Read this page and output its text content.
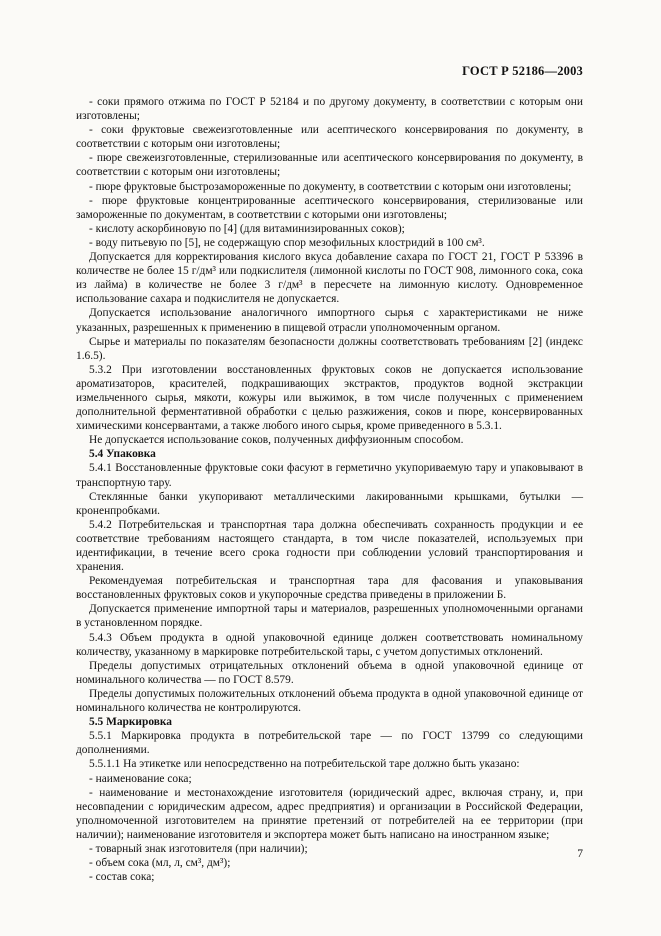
ГОСТ Р 52186—2003

- соки прямого отжима по ГОСТ Р 52184 и по другому документу, в соответствии с которым они изготовлены;

- соки фруктовые свежеизготовленные или асептического консервирования по документу, в соответствии с которым они изготовлены;

- пюре свежеизготовленные, стерилизованные или асептического консервирования по документу, в соответствии с которым они изготовлены;

- пюре фруктовые быстрозамороженные по документу, в соответствии с которым они изготовлены;

- пюре фруктовые концентрированные асептического консервирования, стерилизованые или замороженные по документам, в соответствии с которыми они изготовлены;

- кислоту аскорбиновую по [4] (для витаминизированных соков);

- воду питьевую по [5], не содержащую спор мезофильных клостридий в 100 см³.

Допускается для корректирования кислого вкуса добавление сахара по ГОСТ 21, ГОСТ Р 53396 в количестве не более 15 г/дм³ или подкислителя (лимонной кислоты по ГОСТ 908, лимонного сока, сока из лайма) в количестве не более 3 г/дм³ в пересчете на лимонную кислоту. Одновременное использование сахара и подкислителя не допускается.

Допускается использование аналогичного импортного сырья с характеристиками не ниже указанных, разрешенных к применению в пищевой отрасли уполномоченным органом.

Сырье и материалы по показателям безопасности должны соответствовать требованиям [2] (индекс 1.6.5).

5.3.2 При изготовлении восстановленных фруктовых соков не допускается использование ароматизаторов, красителей, подкрашивающих экстрактов, продуктов водной экстракции измельченного сырья, мякоти, кожуры или выжимок, в том числе полученных с применением дополнительной ферментативной обработки с целью разжижения, соков и пюре, консервированных химическими консервантами, а также любого иного сырья, кроме приведенного в 5.3.1.

Не допускается использование соков, полученных диффузионным способом.

5.4 Упаковка

5.4.1 Восстановленные фруктовые соки фасуют в герметично укупориваемую тару и упаковывают в транспортную тару.

Стеклянные банки укупоривают металлическими лакированными крышками, бутылки — кроненпробками.

5.4.2 Потребительская и транспортная тара должна обеспечивать сохранность продукции и ее соответствие требованиям настоящего стандарта, в том числе показателей, используемых при идентификации, в течение всего срока годности при соблюдении условий транспортирования и хранения.

Рекомендуемая потребительская и транспортная тара для фасования и упаковывания восстановленных фруктовых соков и укупорочные средства приведены в приложении Б.

Допускается применение импортной тары и материалов, разрешенных уполномоченными органами в установленном порядке.

5.4.3 Объем продукта в одной упаковочной единице должен соответствовать номинальному количеству, указанному в маркировке потребительской тары, с учетом допустимых отклонений.

Пределы допустимых отрицательных отклонений объема в одной упаковочной единице от номинального количества — по ГОСТ 8.579.

Пределы допустимых положительных отклонений объема продукта в одной упаковочной единице от номинального количества не контролируются.

5.5 Маркировка

5.5.1 Маркировка продукта в потребительской таре — по ГОСТ 13799 со следующими дополнениями.

5.5.1.1 На этикетке или непосредственно на потребительской таре должно быть указано:

- наименование сока;

- наименование и местонахождение изготовителя (юридический адрес, включая страну, и, при несовпадении с юридическим адресом, адрес предприятия) и организации в Российской Федерации, уполномоченной изготовителем на принятие претензий от потребителей на ее территории (при наличии); наименование изготовителя и экспортера может быть написано на иностранном языке;

- товарный знак изготовителя (при наличии);

- объем сока (мл, л, см³, дм³);

- состав сока;

7
